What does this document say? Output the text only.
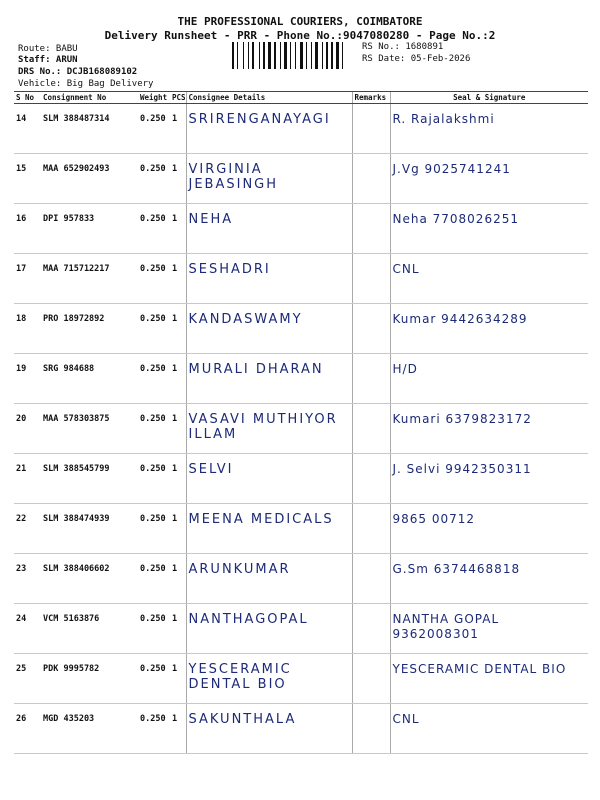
THE PROFESSIONAL COURIERS, COIMBATORE
Delivery Runsheet - PRR - Phone No.:9047080280 - Page No.:2
Route: BABU
Staff: ARUN
DRS No.: DCJB168089102
Vehicle: Big Bag Delivery
RS No.: 1680891
RS Date: 05-Feb-2026
S No	Consignment No	Weight	PCS	Consignee Details	Remarks	Seal & Signature
14	SLM 388487314	0.250	1	SRIRENGANAYAGI		R. Rajalakshmi
15	MAA 652902493	0.250	1	VIRGINIA JEBASINGH		J.Vg 9025741241
16	DPI 957833	0.250	1	NEHA		Neha 7708026251
17	MAA 715712217	0.250	1	SESHADRI		CNL
18	PRO 18972892	0.250	1	KANDASWAMY		Kumar 9442634289
19	SRG 984688	0.250	1	MURALI DHARAN		H/D
20	MAA 578303875	0.250	1	VASAVI MUTHIYOR ILLAM		Kumari 6379823172
21	SLM 388545799	0.250	1	SELVI		J. Selvi 9942350311
22	SLM 388474939	0.250	1	MEENA MEDICALS		9865 00712
23	SLM 388406602	0.250	1	ARUNKUMAR		G.Sm 6374468818
24	VCM 5163876	0.250	1	NANTHAGOPAL		NANTHA GOPAL 9362008301
25	PDK 9995782	0.250	1	YESCERAMIC DENTAL BIO		YESCERAMIC DENTAL BIO
26	MGD 435203	0.250	1	SAKUNTHALA		CNL
